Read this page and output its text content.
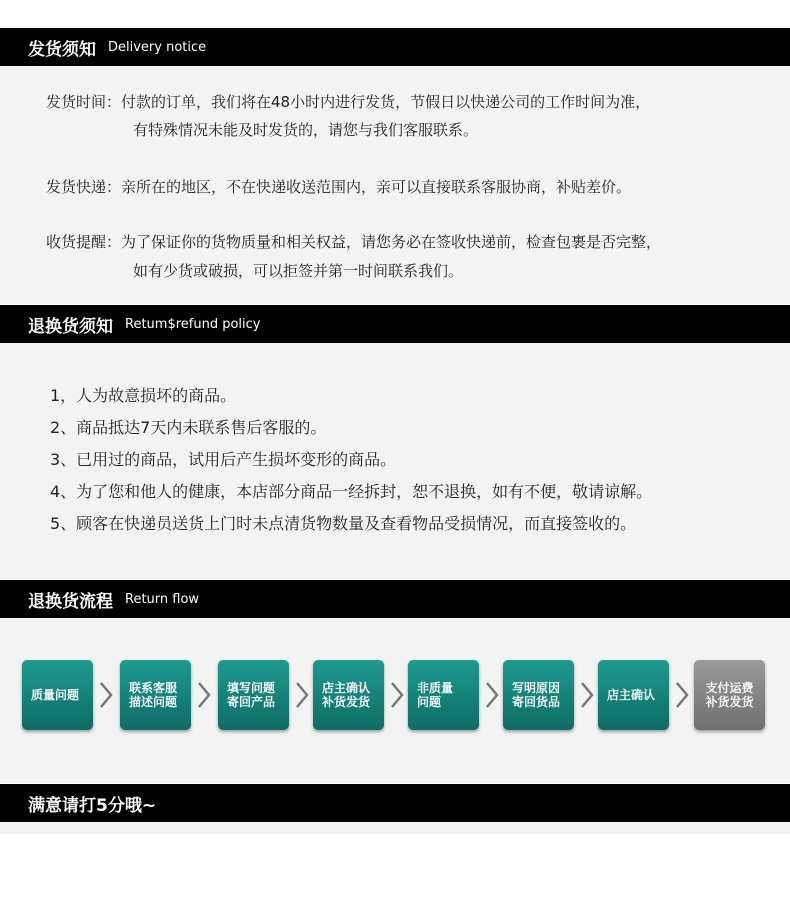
发货须知 Delivery notice
发货时间：付款的订单，我们将在48小时内进行发货，节假日以快递公司的工作时间为准，
有特殊情况未能及时发货的，请您与我们客服联系。
发货快递：亲所在的地区，不在快递收送范围内，亲可以直接联系客服协商，补贴差价。
收货提醒：为了保证你的货物质量和相关权益，请您务必在签收快递前，检查包裹是否完整，
如有少货或破损，可以拒签并第一时间联系我们。
退换货须知 Retum$refund policy
1，人为故意损坏的商品。
2、商品抵达7天内未联系售后客服的。
3、已用过的商品，试用后产生损坏变形的商品。
4、为了您和他人的健康，本店部分商品一经拆封，恕不退换，如有不便，敬请谅解。
5、顾客在快递员送货上门时未点清货物数量及查看物品受损情况，而直接签收的。
退换货流程 Return flow
质量问题	联系客服
描述问题
填写问题
寄回产品
店主确认
补货发货
非质量
问题
写明原因
寄回货品	店主确认	支付运费
补货发货
满意请打5分哦~
